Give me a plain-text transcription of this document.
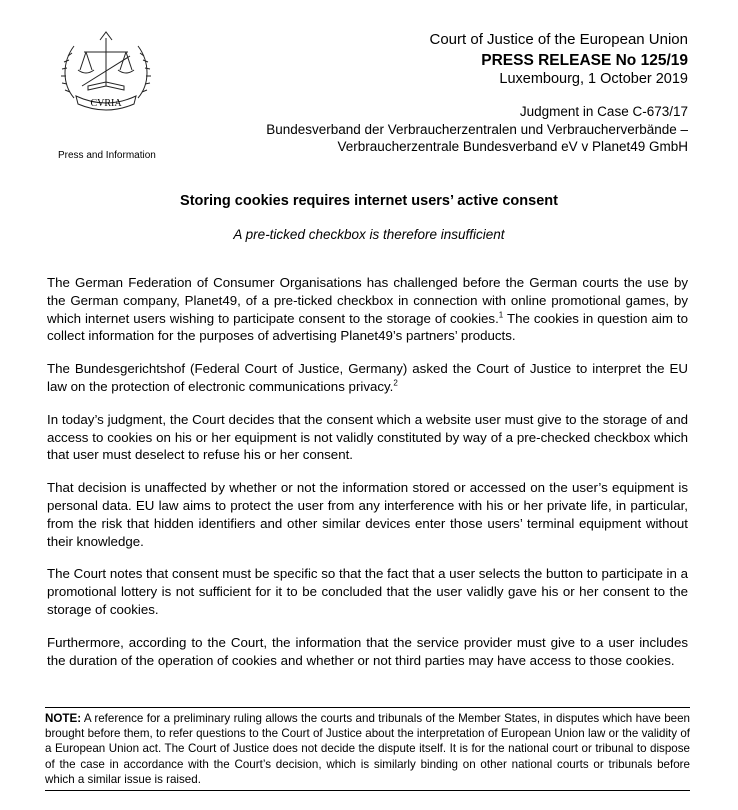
CVRIA
Press and Information
Court of Justice of the European Union
PRESS RELEASE No 125/19
Luxembourg, 1 October 2019
Judgment in Case C-673/17
Bundesverband der Verbraucherzentralen und Verbraucherverbände –
Verbraucherzentrale Bundesverband eV v Planet49 GmbH
Storing cookies requires internet users’ active consent
A pre-ticked checkbox is therefore insufficient

The German Federation of Consumer Organisations has challenged before the German courts the use by the German company, Planet49, of a pre-ticked checkbox in connection with online promotional games, by which internet users wishing to participate consent to the storage of cookies.$^1$ The cookies in question aim to collect information for the purposes of advertising Planet49’s partners’ products.

The Bundesgerichtshof (Federal Court of Justice, Germany) asked the Court of Justice to interpret the EU law on the protection of electronic communications privacy.$^2$

In today’s judgment, the Court decides that the consent which a website user must give to the storage of and access to cookies on his or her equipment is not validly constituted by way of a pre-checked checkbox which that user must deselect to refuse his or her consent.

That decision is unaffected by whether or not the information stored or accessed on the user’s equipment is personal data. EU law aims to protect the user from any interference with his or her private life, in particular, from the risk that hidden identifiers and other similar devices enter those users’ terminal equipment without their knowledge.

The Court notes that consent must be specific so that the fact that a user selects the button to participate in a promotional lottery is not sufficient for it to be concluded that the user validly gave his or her consent to the storage of cookies.

Furthermore, according to the Court, the information that the service provider must give to a user includes the duration of the operation of cookies and whether or not third parties may have access to those cookies.

NOTE: A reference for a preliminary ruling allows the courts and tribunals of the Member States, in disputes which have been brought before them, to refer questions to the Court of Justice about the interpretation of European Union law or the validity of a European Union act. The Court of Justice does not decide the dispute itself. It is for the national court or tribunal to dispose of the case in accordance with the Court’s decision, which is similarly binding on other national courts or tribunals before which a similar issue is raised.
